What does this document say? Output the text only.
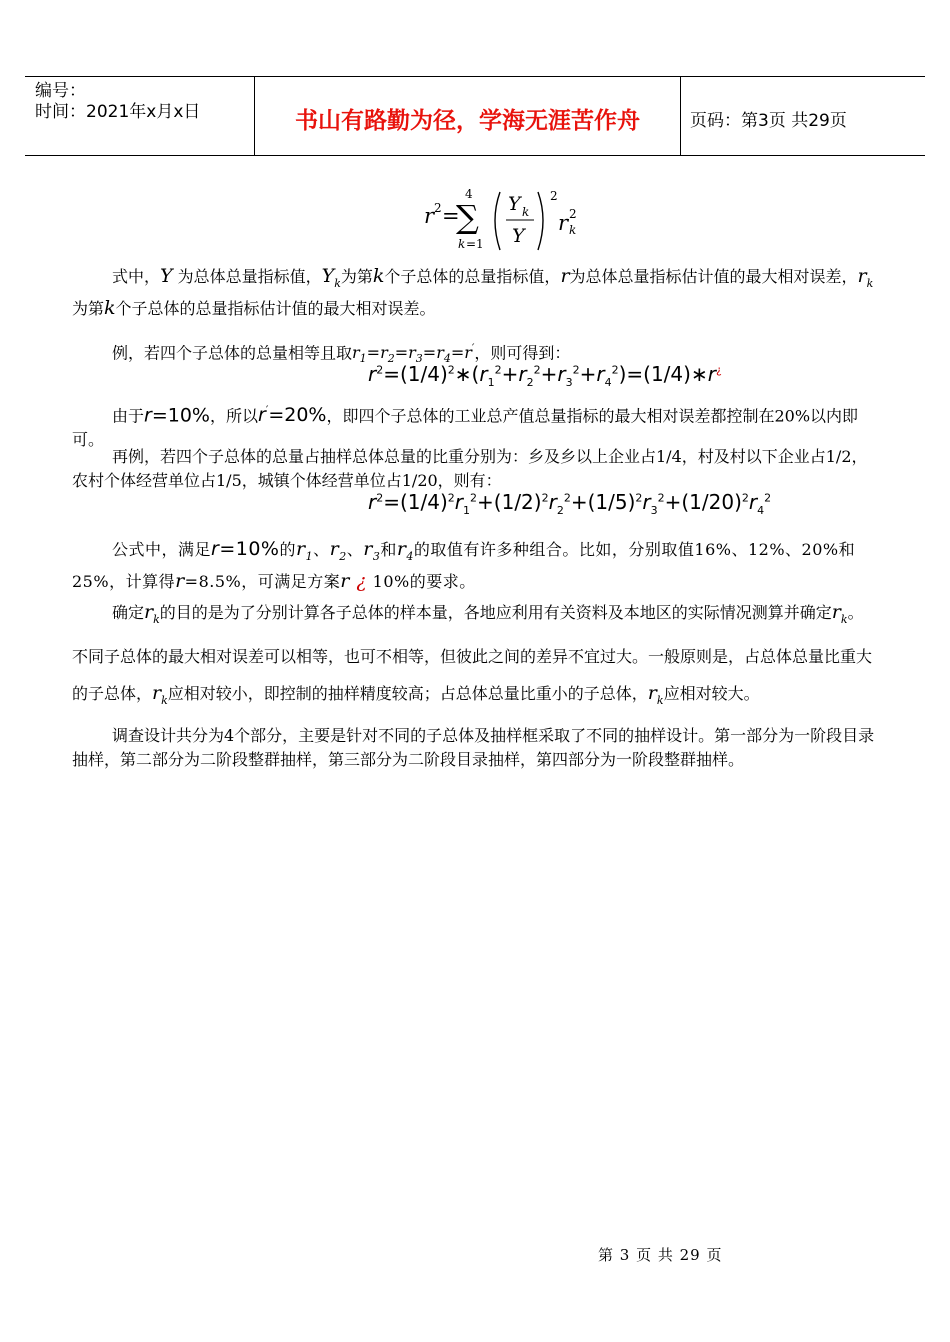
编号：
时间：2021年x月x日	书山有路勤为径，学海无涯苦作舟	页码：第3页 共29页
r 2 =
∑
4
k =1
Y k
Y
2
r 2
k
式中，Y 为总体总量指标值，$Y_k$为第k个子总体的总量指标值，r为总体总量指标估计值的最大相对误差，$r_k$为第k个子总体的总量指标估计值的最大相对误差。
例，若四个子总体的总量相等且取$r_1=r_2=r_3=r_4=r'$，则可得到：
$r^2=(1/4)^2∗(r_1^2+r_2^2+r_3^2+r_4^2)=(1/4)∗r^¿$
由于r=10%，所以r′=20%，即四个子总体的工业总产值总量指标的最大相对误差都控制在20%以内即可。
再例，若四个子总体的总量占抽样总体总量的比重分别为：乡及乡以上企业占1/4，村及村以下企业占1/2，农村个体经营单位占1/5，城镇个体经营单位占1/20，则有：
$r^2=(1/4)^2r_1^2+(1/2)^2r_2^2+(1/5)^2r_3^2+(1/20)^2r_4^2$
公式中，满足r=10%的$r_1$、$r_2$、$r_3$和$r_4$的取值有许多种组合。比如，分别取值16%、12%、20%和25%，计算得r=8.5%，可满足方案r ¿ 10%的要求。
确定$r_k$的目的是为了分别计算各子总体的样本量，各地应利用有关资料及本地区的实际情况测算并确定$r_k$。不同子总体的最大相对误差可以相等，也可不相等，但彼此之间的差异不宜过大。一般原则是，占总体总量比重大的子总体，$r_k$应相对较小，即控制的抽样精度较高；占总体总量比重小的子总体，$r_k$应相对较大。
调查设计共分为4个部分，主要是针对不同的子总体及抽样框采取了不同的抽样设计。第一部分为一阶段目录抽样，第二部分为二阶段整群抽样，第三部分为二阶段目录抽样，第四部分为一阶段整群抽样。
第 3 页 共 29 页
